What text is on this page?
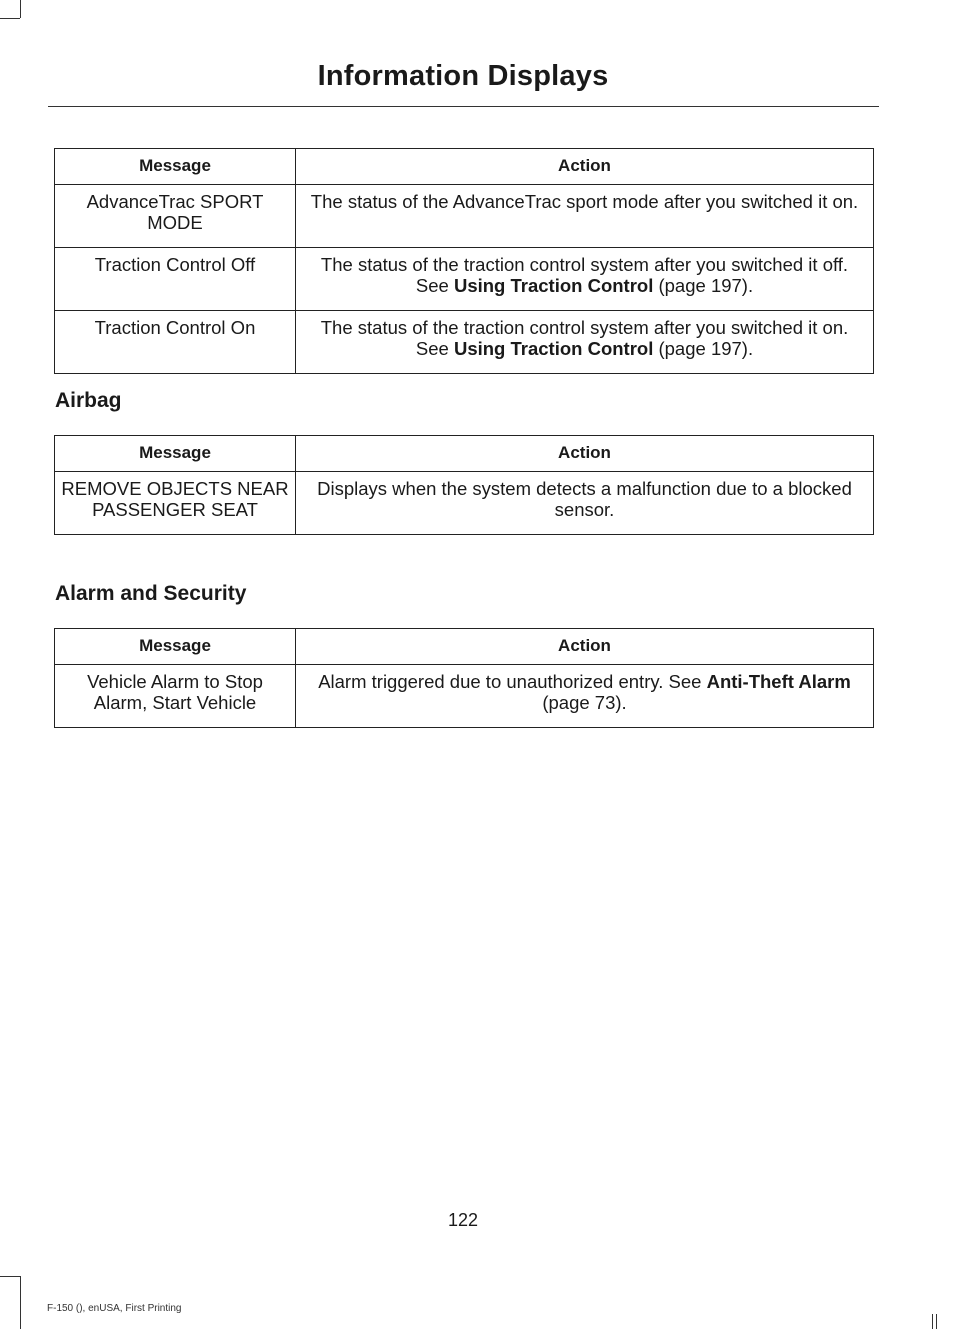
Information Displays
Message	Action
AdvanceTrac SPORT MODE	The status of the AdvanceTrac sport mode after you switched it on.
Traction Control Off	The status of the traction control system after you switched it off. See Using Traction Control (page 197).
Traction Control On	The status of the traction control system after you switched it on. See Using Traction Control (page 197).
Airbag
Message	Action
REMOVE OBJECTS NEAR PASSENGER SEAT	Displays when the system detects a malfunction due to a blocked sensor.
Alarm and Security
Message	Action
Vehicle Alarm to Stop Alarm, Start Vehicle	Alarm triggered due to unauthorized entry. See Anti-Theft Alarm (page 73).
122
F-150 (), enUSA, First Printing
